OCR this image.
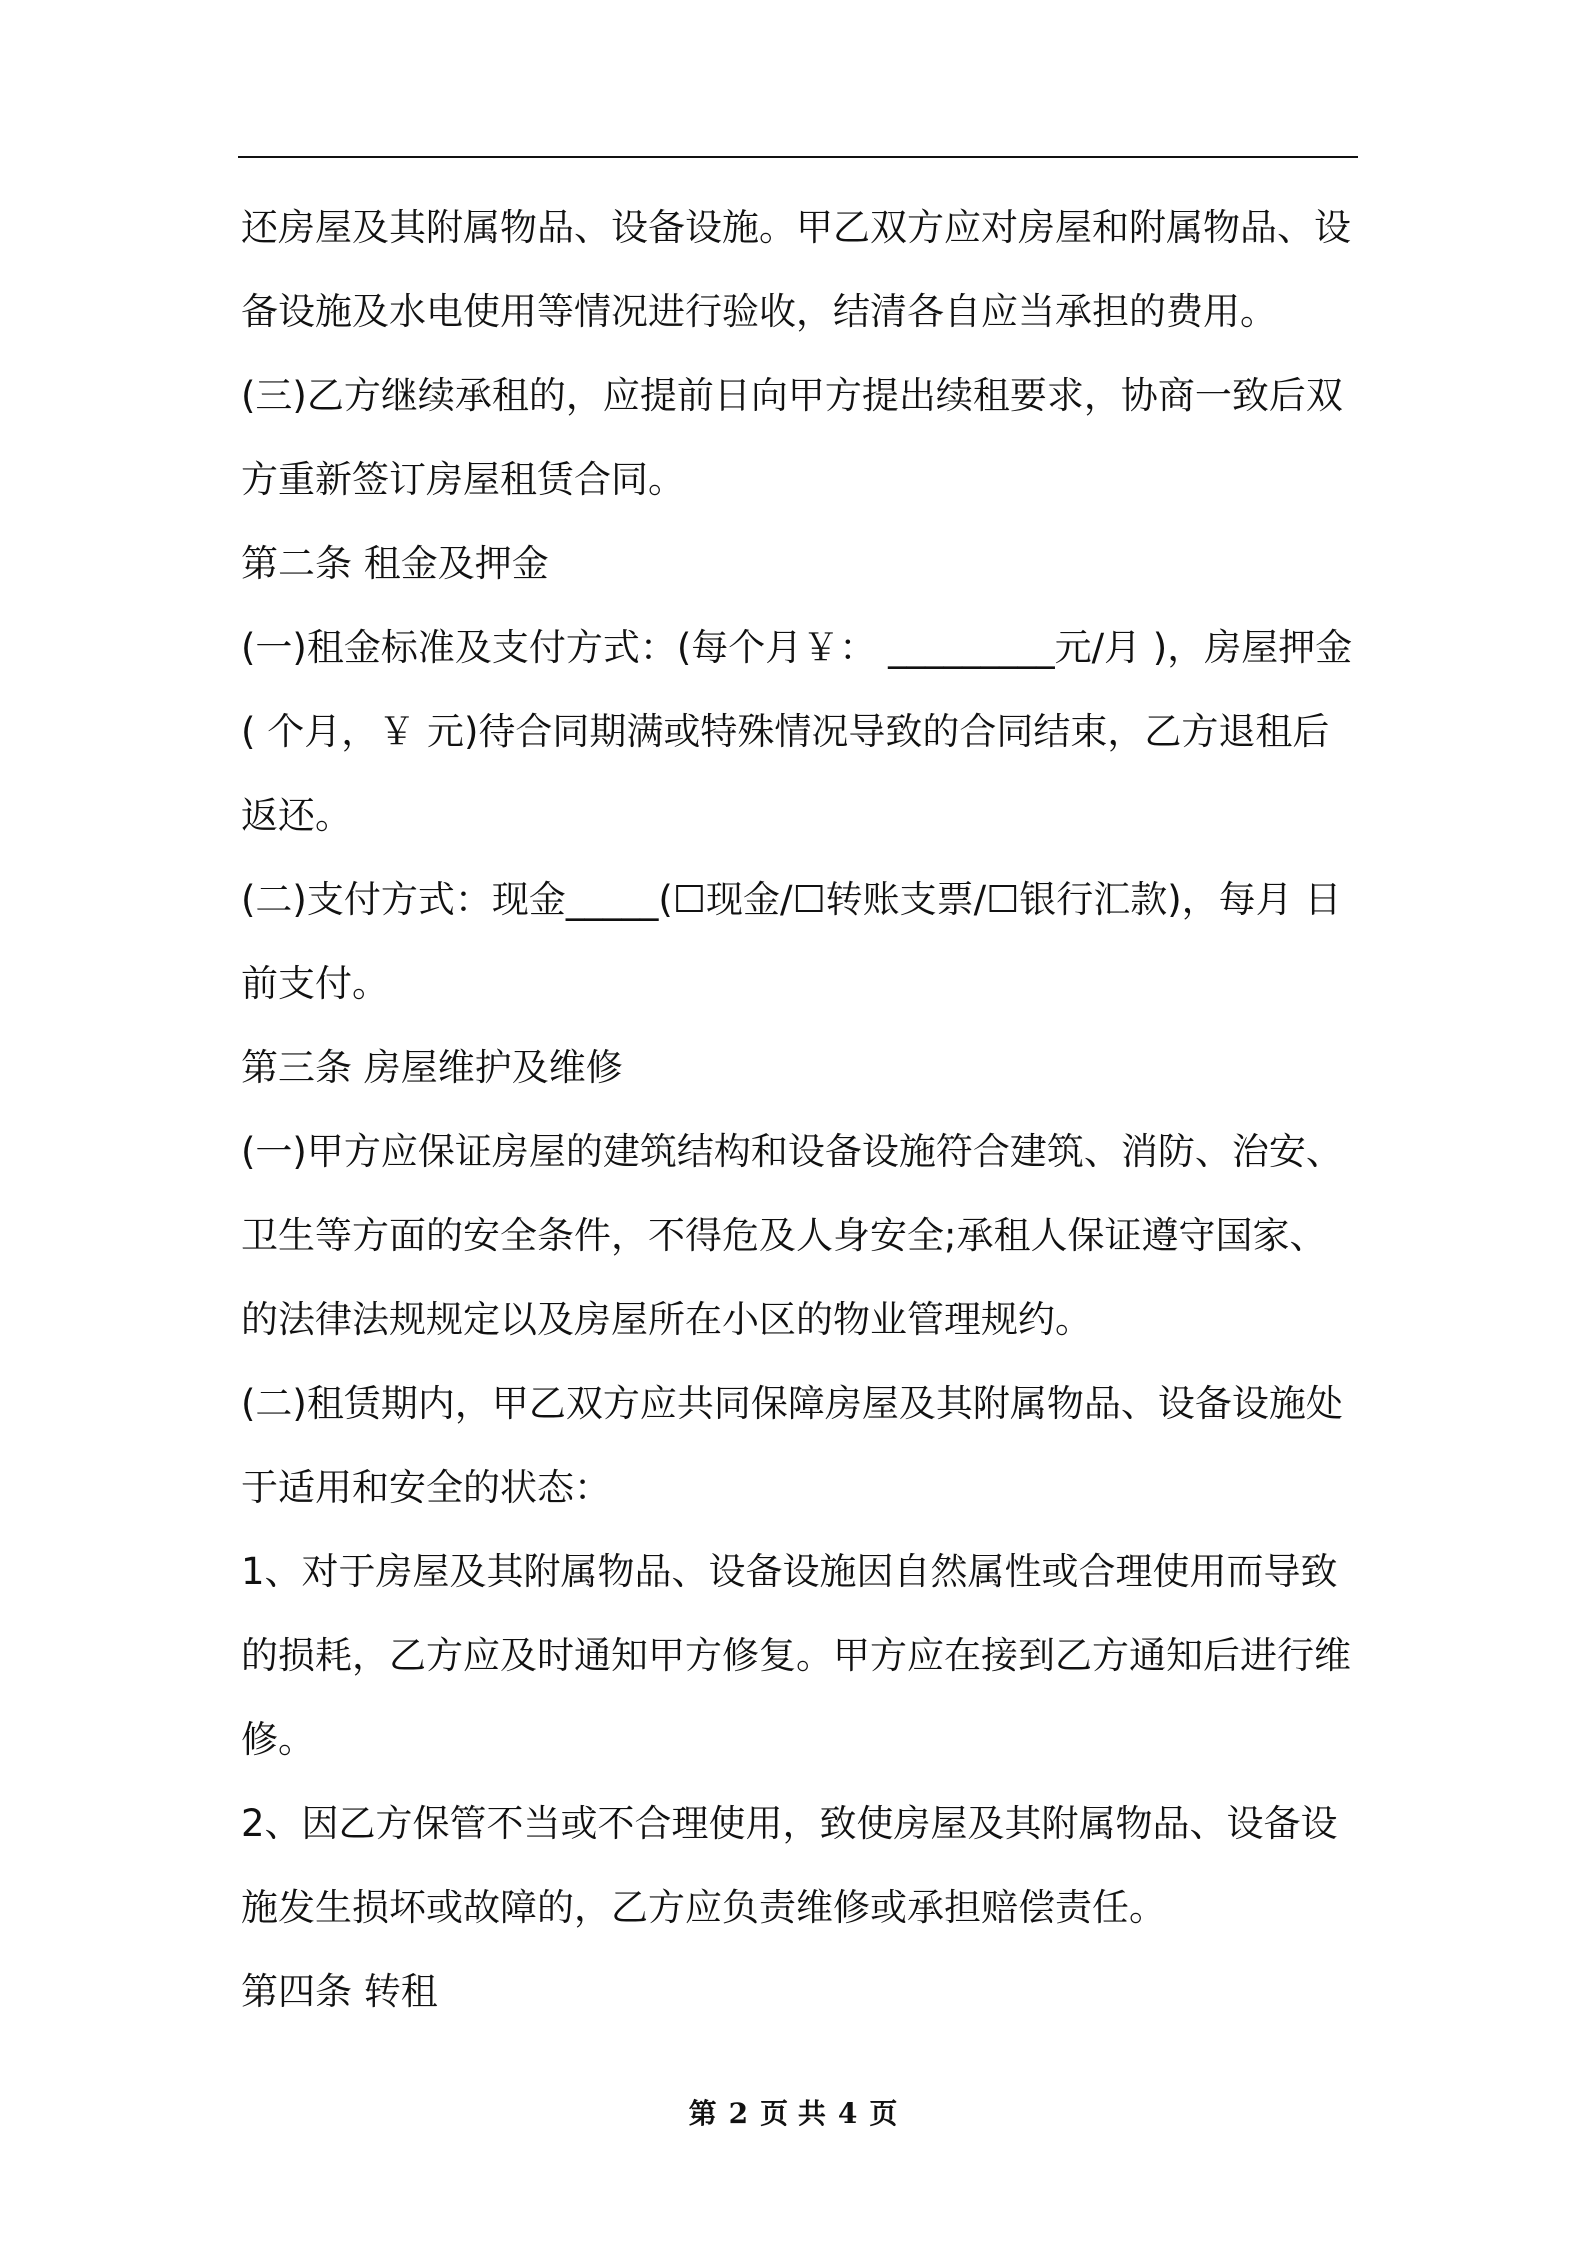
还房屋及其附属物品、设备设施。甲乙双方应对房屋和附属物品、设
备设施及水电使用等情况进行验收，结清各自应当承担的费用。
(三)乙方继续承租的，应提前日向甲方提出续租要求，协商一致后双
方重新签订房屋租赁合同。
第二条 租金及押金
(一)租金标准及支付方式：(每个月￥： _________元/月 )，房屋押金
( 个月，￥ 元)待合同期满或特殊情况导致的合同结束，乙方退租后
返还。
(二)支付方式：现金_____(☐现金/☐转账支票/☐银行汇款)，每月 日
前支付。
第三条 房屋维护及维修
(一)甲方应保证房屋的建筑结构和设备设施符合建筑、消防、治安、
卫生等方面的安全条件，不得危及人身安全;承租人保证遵守国家、
的法律法规规定以及房屋所在小区的物业管理规约。
(二)租赁期内，甲乙双方应共同保障房屋及其附属物品、设备设施处
于适用和安全的状态：
1、对于房屋及其附属物品、设备设施因自然属性或合理使用而导致
的损耗，乙方应及时通知甲方修复。甲方应在接到乙方通知后进行维
修。
2、因乙方保管不当或不合理使用，致使房屋及其附属物品、设备设
施发生损坏或故障的，乙方应负责维修或承担赔偿责任。
第四条 转租
第 2 页 共 4 页
